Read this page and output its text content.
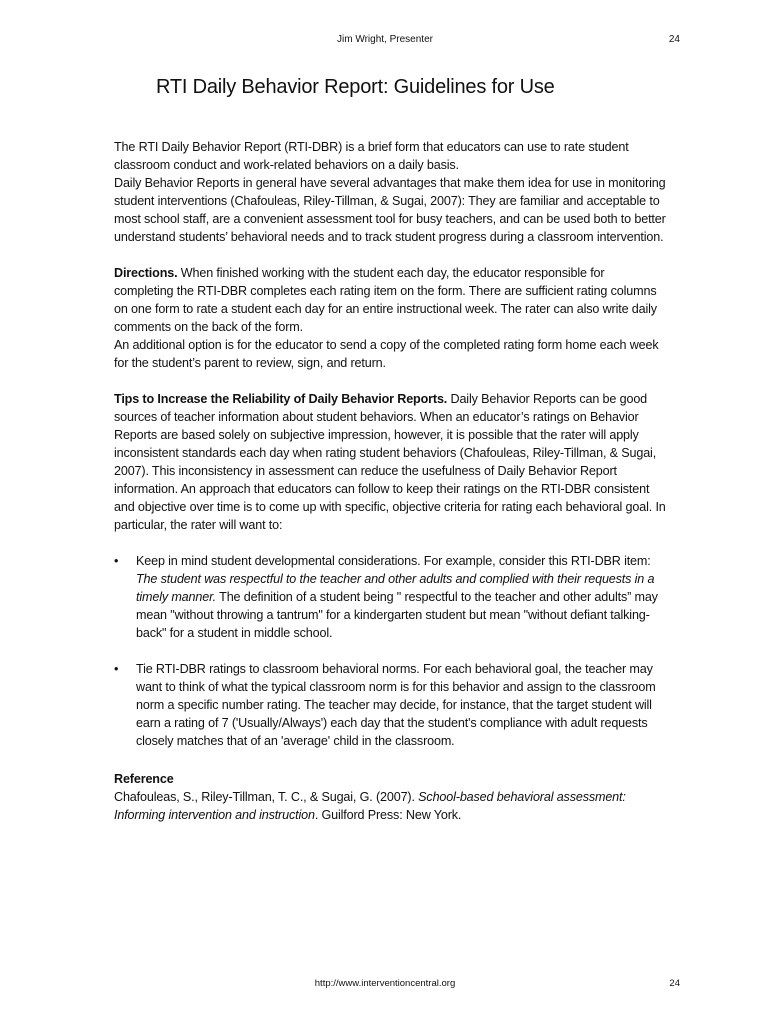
Jim Wright, Presenter	24
RTI Daily Behavior Report: Guidelines for Use

The RTI Daily Behavior Report (RTI-DBR) is a brief form that educators can use to rate student classroom conduct and work-related behaviors on a daily basis.

Daily Behavior Reports in general have several advantages that make them idea for use in monitoring student interventions (Chafouleas, Riley-Tillman, & Sugai, 2007): They are familiar and acceptable to most school staff, are a convenient assessment tool for busy teachers, and can be used both to better understand students’ behavioral needs and to track student progress during a classroom intervention.

Directions. When finished working with the student each day, the educator responsible for completing the RTI-DBR completes each rating item on the form. There are sufficient rating columns on one form to rate a student each day for an entire instructional week. The rater can also write daily comments on the back of the form.

An additional option is for the educator to send a copy of the completed rating form home each week for the student’s parent to review, sign, and return.

Tips to Increase the Reliability of Daily Behavior Reports. Daily Behavior Reports can be good sources of teacher information about student behaviors. When an educator’s ratings on Behavior Reports are based solely on subjective impression, however, it is possible that the rater will apply inconsistent standards each day when rating student behaviors (Chafouleas, Riley-Tillman, & Sugai, 2007). This inconsistency in assessment can reduce the usefulness of Daily Behavior Report information. An approach that educators can follow to keep their ratings on the RTI-DBR consistent and objective over time is to come up with specific, objective criteria for rating each behavioral goal. In particular, the rater will want to:

• Keep in mind student developmental considerations. For example, consider this RTI-DBR item: The student was respectful to the teacher and other adults and complied with their requests in a timely manner. The definition of a student being " respectful to the teacher and other adults” may mean "without throwing a tantrum" for a kindergarten student but mean "without defiant talking-back" for a student in middle school.
• Tie RTI-DBR ratings to classroom behavioral norms. For each behavioral goal, the teacher may want to think of what the typical classroom norm is for this behavior and assign to the classroom norm a specific number rating. The teacher may decide, for instance, that the target student will earn a rating of 7 ('Usually/Always') each day that the student's compliance with adult requests closely matches that of an 'average' child in the classroom.

Reference

Chafouleas, S., Riley-Tillman, T. C., & Sugai, G. (2007). School-based behavioral assessment: Informing intervention and instruction. Guilford Press: New York.

http://www.interventioncentral.org	24
